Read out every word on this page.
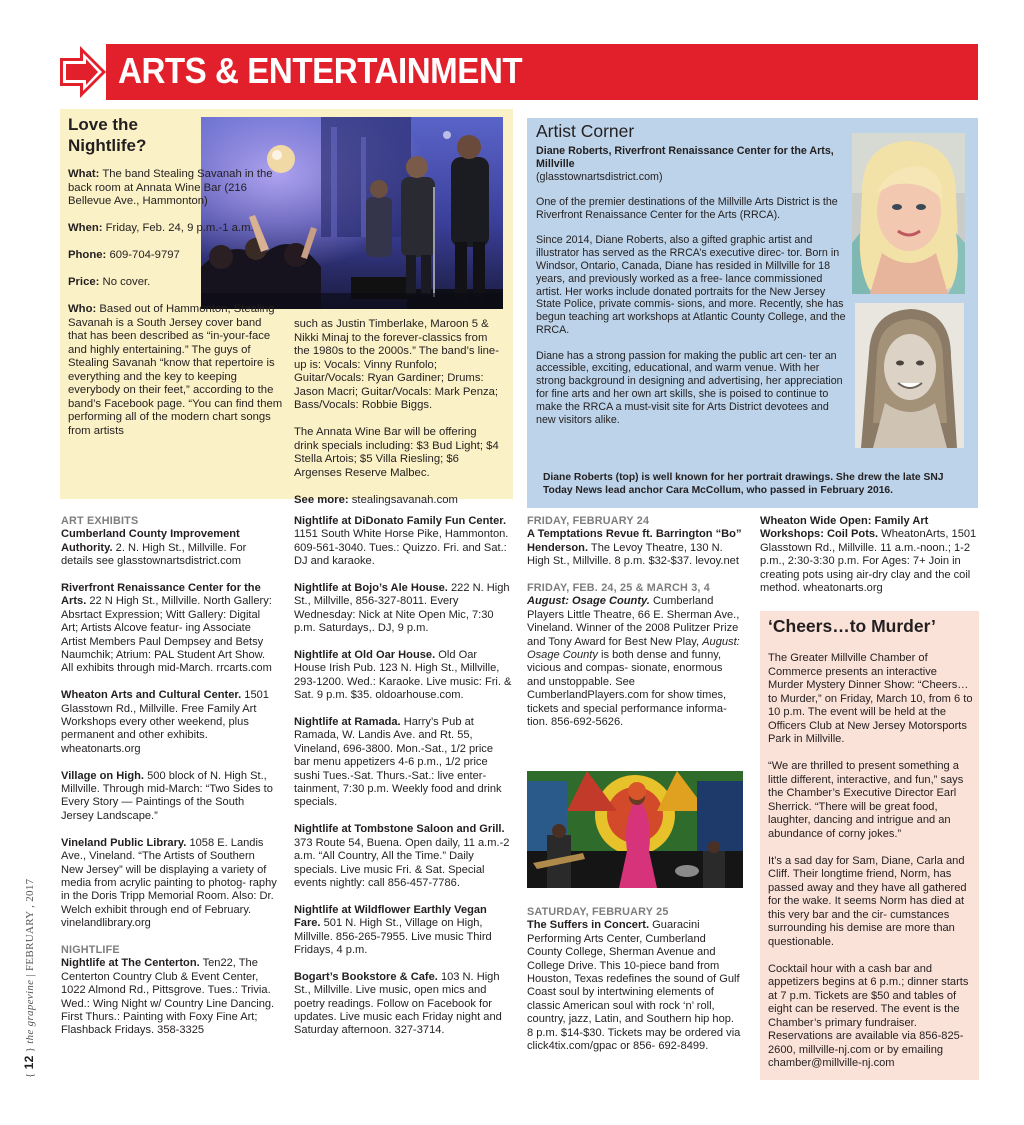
ARTS & ENTERTAINMENT
Love the Nightlife?

What: The band Stealing Savanah in the back room at Annata Wine Bar (216 Bellevue Ave., Hammonton)

When: Friday, Feb. 24, 9 p.m.-1 a.m.

Phone: 609-704-9797

Price: No cover.

Who: Based out of Hammonton, Stealing Savanah is a South Jersey cover band that has been described as “in-your-face and highly entertaining.” The guys of Stealing Savanah “know that repertoire is everything and the key to keeping everybody on their feet,” according to the band’s Facebook page. “You can find them performing all of the modern chart songs from artists

such as Justin Timberlake, Maroon 5 & Nikki Minaj to the forever-classics from the 1980s to the 2000s.” The band’s line-up is: Vocals: Vinny Runfolo; Guitar/Vocals: Ryan Gardiner; Drums: Jason Macri; Guitar/Vocals: Mark Penza; Bass/Vocals: Robbie Biggs.

The Annata Wine Bar will be offering drink specials including: $3 Bud Light; $4 Stella Artois; $5 Villa Riesling; $6 Argenses Reserve Malbec.

See more: stealingsavanah.com

Artist Corner
Diane Roberts, Riverfront Renaissance Center for the Arts, Millville
(glasstownartsdistrict.com)

One of the premier destinations of the Millville Arts District is the Riverfront Renaissance Center for the Arts (RRCA).

Since 2014, Diane Roberts, also a gifted graphic artist and illustrator has served as the RRCA’s executive direc- tor. Born in Windsor, Ontario, Canada, Diane has resided in Millville for 18 years, and previously worked as a free- lance commissioned artist. Her works include donated portraits for the New Jersey State Police, private commis- sions, and more. Recently, she has begun teaching art workshops at Atlantic County College, and the RRCA.

Diane has a strong passion for making the public art cen- ter an accessible, exciting, educational, and warm venue. With her strong background in designing and advertising, her appreciation for fine arts and her own art skills, she is poised to continue to make the RRCA a must-visit site for Arts District devotees and new visitors alike.

Diane Roberts (top) is well known for her portrait drawings. She drew the late SNJ Today News lead anchor Cara McCollum, who passed in February 2016.
ART EXHIBITS

Cumberland County Improvement Authority. 2. N. High St., Millville. For details see glasstownartsdistrict.com

Riverfront Renaissance Center for the Arts. 22 N High St., Millville. North Gallery: Absrtact Expression; Witt Gallery: Digital Art; Artists Alcove featur- ing Associate Artist Members Paul Dempsey and Betsy Naumchik; Atrium: PAL Student Art Show. All exhibits through mid-March. rrcarts.com

Wheaton Arts and Cultural Center. 1501 Glasstown Rd., Millville. Free Family Art Workshops every other weekend, plus permanent and other exhibits. wheatonarts.org

Village on High. 500 block of N. High St., Millville. Through mid-March: “Two Sides to Every Story — Paintings of the South Jersey Landscape.”

Vineland Public Library. 1058 E. Landis Ave., Vineland. “The Artists of Southern New Jersey” will be displaying a variety of media from acrylic painting to photog- raphy in the Doris Tripp Memorial Room. Also: Dr. Welch exhibit through end of February. vinelandlibrary.org

NIGHTLIFE

Nightlife at The Centerton. Ten22, The Centerton Country Club & Event Center, 1022 Almond Rd., Pittsgrove. Tues.: Trivia. Wed.: Wing Night w/ Country Line Dancing. First Thurs.: Painting with Foxy Fine Art; Flashback Fridays. 358-3325

Nightlife at DiDonato Family Fun Center. 1151 South White Horse Pike, Hammonton. 609-561-3040. Tues.: Quizzo. Fri. and Sat.: DJ and karaoke.

Nightlife at Bojo’s Ale House. 222 N. High St., Millville, 856-327-8011. Every Wednesday: Nick at Nite Open Mic, 7:30 p.m. Saturdays,. DJ, 9 p.m.

Nightlife at Old Oar House. Old Oar House Irish Pub. 123 N. High St., Millville, 293-1200. Wed.: Karaoke. Live music: Fri. & Sat. 9 p.m. $35. oldoarhouse.com.

Nightlife at Ramada. Harry’s Pub at Ramada, W. Landis Ave. and Rt. 55, Vineland, 696-3800. Mon.-Sat., 1/2 price bar menu appetizers 4-6 p.m., 1/2 price sushi Tues.-Sat. Thurs.-Sat.: live enter- tainment, 7:30 p.m. Weekly food and drink specials.

Nightlife at Tombstone Saloon and Grill. 373 Route 54, Buena. Open daily, 11 a.m.-2 a.m. “All Country, All the Time.” Daily specials. Live music Fri. & Sat. Special events nightly: call 856-457-7786.

Nightlife at Wildflower Earthly Vegan Fare. 501 N. High St., Village on High, Millville. 856-265-7955. Live music Third Fridays, 4 p.m.

Bogart’s Bookstore & Cafe. 103 N. High St., Millville. Live music, open mics and poetry readings. Follow on Facebook for updates. Live music each Friday night and Saturday afternoon. 327-3714.

FRIDAY, FEBRUARY 24

A Temptations Revue ft. Barrington “Bo” Henderson. The Levoy Theatre, 130 N. High St., Millville. 8 p.m. $32-$37. levoy.net

FRIDAY, FEB. 24, 25 & MARCH 3, 4

August: Osage County. Cumberland Players Little Theatre, 66 E. Sherman Ave., Vineland. Winner of the 2008 Pulitzer Prize and Tony Award for Best New Play, August: Osage County is both dense and funny, vicious and compas- sionate, enormous and unstoppable. See CumberlandPlayers.com for show times, tickets and special performance informa- tion. 856-692-5626.

SATURDAY, FEBRUARY 25

The Suffers in Concert. Guaracini Performing Arts Center, Cumberland County College, Sherman Avenue and College Drive. This 10-piece band from Houston, Texas redefines the sound of Gulf Coast soul by intertwining elements of classic American soul with rock ‘n’ roll, country, jazz, Latin, and Southern hip hop. 8 p.m. $14-$30. Tickets may be ordered via click4tix.com/gpac or 856- 692-8499.

Wheaton Wide Open: Family Art Workshops: Coil Pots. WheatonArts, 1501 Glasstown Rd., Millville. 11 a.m.-noon.; 1-2 p.m., 2:30-3:30 p.m. For Ages: 7+ Join in creating pots using air-dry clay and the coil method. wheatonarts.org

‘Cheers…to Murder’

The Greater Millville Chamber of Commerce presents an interactive Murder Mystery Dinner Show: “Cheers…to Murder,” on Friday, March 10, from 6 to 10 p.m. The event will be held at the Officers Club at New Jersey Motorsports Park in Millville.

“We are thrilled to present something a little different, interactive, and fun,” says the Chamber’s Executive Director Earl Sherrick. “There will be great food, laughter, dancing and intrigue and an abundance of corny jokes.”

It’s a sad day for Sam, Diane, Carla and Cliff. Their longtime friend, Norm, has passed away and they have all gathered for the wake. It seems Norm has died at this very bar and the cir- cumstances surrounding his demise are more than questionable.

Cocktail hour with a cash bar and appetizers begins at 6 p.m.; dinner starts at 7 p.m. Tickets are $50 and tables of eight can be reserved. The event is the Chamber’s primary fundraiser. Reservations are available via 856-825-2600, millville-nj.com or by emailing chamber@millville-nj.com

{ 12 } the grapevine | FEBRUARY , 2017
